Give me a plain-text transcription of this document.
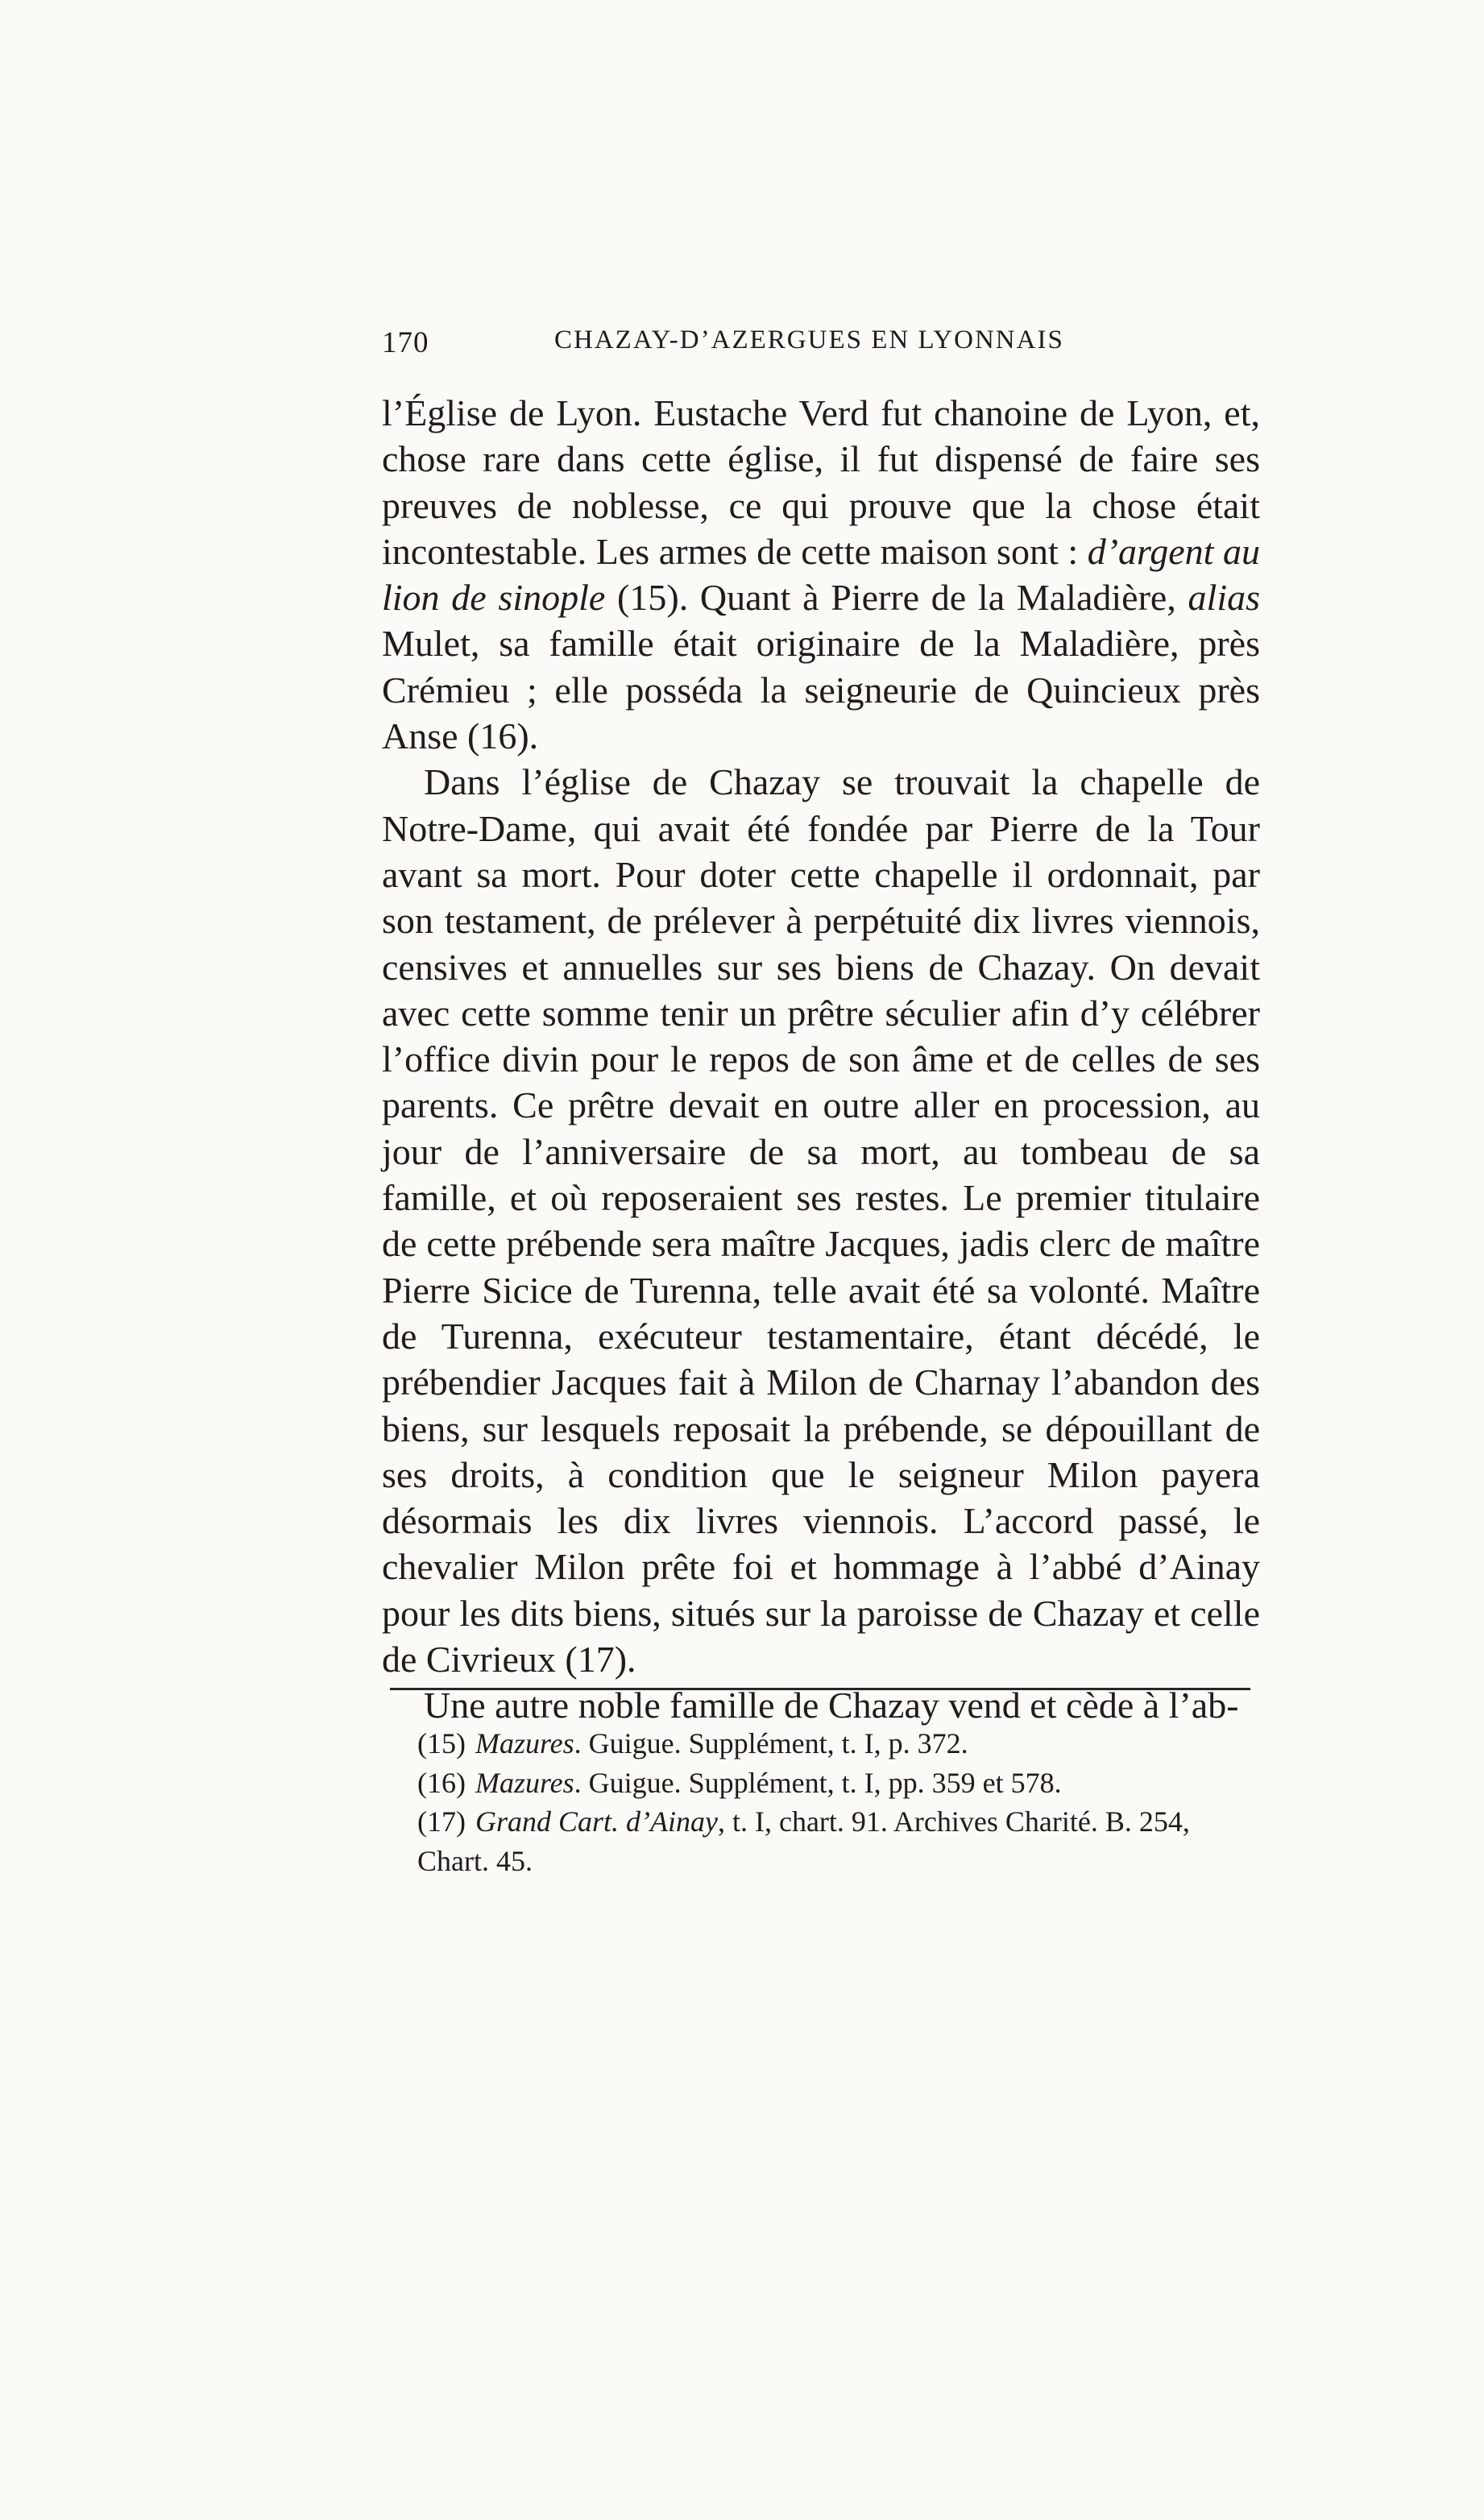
170	CHAZAY-D’AZERGUES EN LYONNAIS

l’Église de Lyon. Eustache Verd fut chanoine de Lyon, et, chose rare dans cette église, il fut dispensé de faire ses preuves de noblesse, ce qui prouve que la chose était incontestable. Les armes de cette maison sont : d’argent au lion de sinople (15). Quant à Pierre de la Maladière, alias Mulet, sa famille était originaire de la Maladière, près Crémieu ; elle posséda la seigneurie de Quincieux près Anse (16).

Dans l’église de Chazay se trouvait la chapelle de Notre-Dame, qui avait été fondée par Pierre de la Tour avant sa mort. Pour doter cette chapelle il ordonnait, par son testament, de prélever à perpétuité dix livres viennois, censives et annuelles sur ses biens de Chazay. On devait avec cette somme tenir un prêtre séculier afin d’y célébrer l’office divin pour le repos de son âme et de celles de ses parents. Ce prêtre devait en outre aller en procession, au jour de l’anniversaire de sa mort, au tombeau de sa famille, et où reposeraient ses restes. Le premier titulaire de cette prébende sera maître Jacques, jadis clerc de maître Pierre Sicice de Turenna, telle avait été sa volonté. Maître de Turenna, exécuteur testamentaire, étant décédé, le prébendier Jacques fait à Milon de Charnay l’abandon des biens, sur lesquels reposait la prébende, se dépouillant de ses droits, à condition que le seigneur Milon payera désormais les dix livres viennois. L’accord passé, le chevalier Milon prête foi et hommage à l’abbé d’Ainay pour les dits biens, situés sur la paroisse de Chazay et celle de Civrieux (17).

Une autre noble famille de Chazay vend et cède à l’ab-

(15) Mazures. Guigue. Supplément, t. I, p. 372.

(16) Mazures. Guigue. Supplément, t. I, pp. 359 et 578.

(17) Grand Cart. d’Ainay, t. I, chart. 91. Archives Charité. B. 254, Chart. 45.
